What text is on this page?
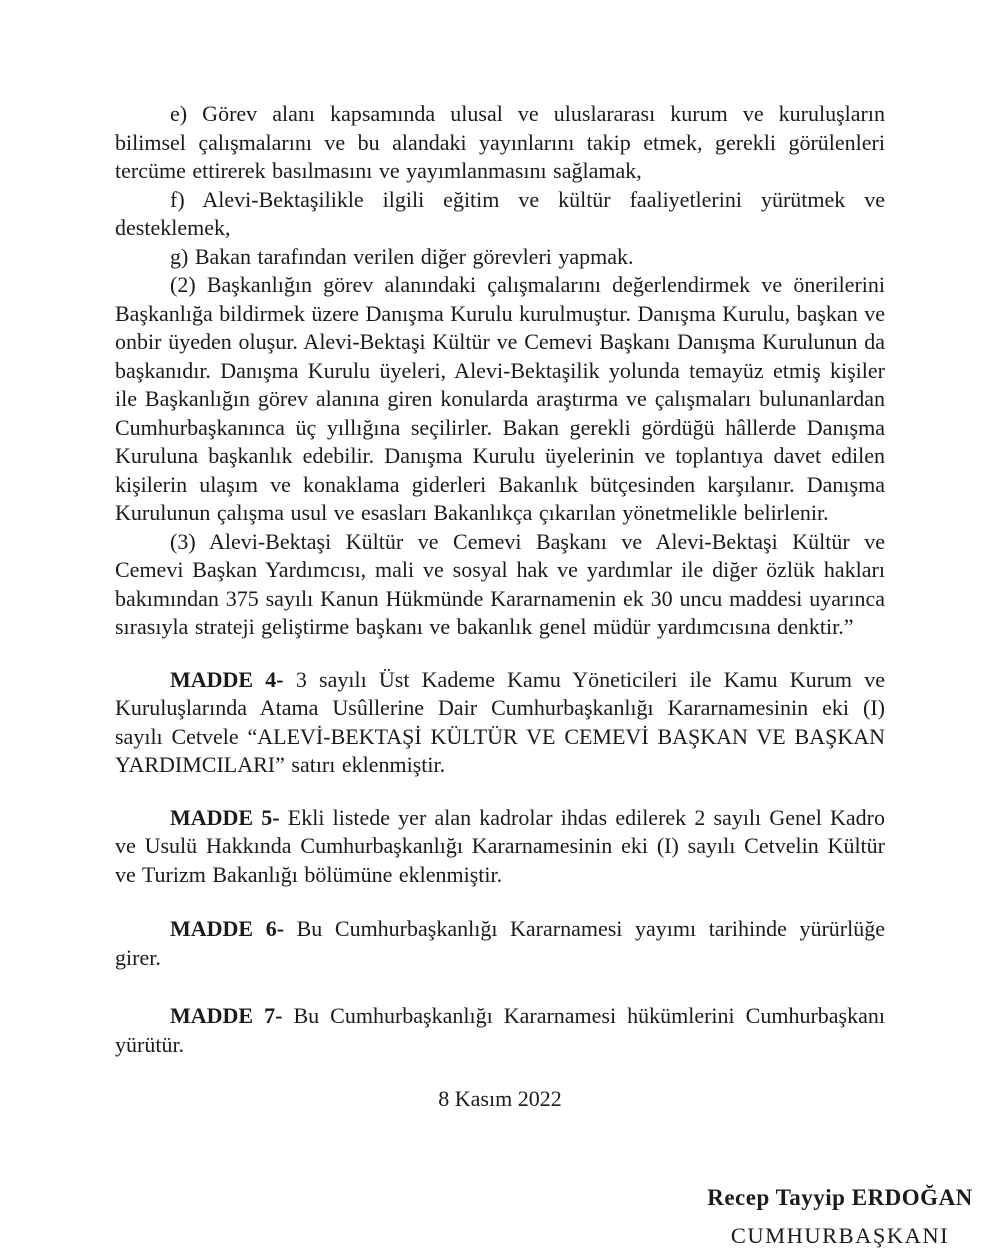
e) Görev alanı kapsamında ulusal ve uluslararası kurum ve kuruluşların bilimsel çalışmalarını ve bu alandaki yayınlarını takip etmek, gerekli görülenleri tercüme ettirerek basılmasını ve yayımlanmasını sağlamak,

f) Alevi-Bektaşilikle ilgili eğitim ve kültür faaliyetlerini yürütmek ve desteklemek,

g) Bakan tarafından verilen diğer görevleri yapmak.

(2) Başkanlığın görev alanındaki çalışmalarını değerlendirmek ve önerilerini Başkanlığa bildirmek üzere Danışma Kurulu kurulmuştur. Danışma Kurulu, başkan ve onbir üyeden oluşur. Alevi-Bektaşi Kültür ve Cemevi Başkanı Danışma Kurulunun da başkanıdır. Danışma Kurulu üyeleri, Alevi-Bektaşilik yolunda temayüz etmiş kişiler ile Başkanlığın görev alanına giren konularda araştırma ve çalışmaları bulunanlardan Cumhurbaşkanınca üç yıllığına seçilirler. Bakan gerekli gördüğü hâllerde Danışma Kuruluna başkanlık edebilir. Danışma Kurulu üyelerinin ve toplantıya davet edilen kişilerin ulaşım ve konaklama giderleri Bakanlık bütçesinden karşılanır. Danışma Kurulunun çalışma usul ve esasları Bakanlıkça çıkarılan yönetmelikle belirlenir.

(3) Alevi-Bektaşi Kültür ve Cemevi Başkanı ve Alevi-Bektaşi Kültür ve Cemevi Başkan Yardımcısı, mali ve sosyal hak ve yardımlar ile diğer özlük hakları bakımından 375 sayılı Kanun Hükmünde Kararnamenin ek 30 uncu maddesi uyarınca sırasıyla strateji geliştirme başkanı ve bakanlık genel müdür yardımcısına denktir.”

MADDE 4- 3 sayılı Üst Kademe Kamu Yöneticileri ile Kamu Kurum ve Kuruluşlarında Atama Usûllerine Dair Cumhurbaşkanlığı Kararnamesinin eki (I) sayılı Cetvele “ALEVİ-BEKTAŞİ KÜLTÜR VE CEMEVİ BAŞKAN VE BAŞKAN YARDIMCILARI” satırı eklenmiştir.

MADDE 5- Ekli listede yer alan kadrolar ihdas edilerek 2 sayılı Genel Kadro ve Usulü Hakkında Cumhurbaşkanlığı Kararnamesinin eki (I) sayılı Cetvelin Kültür ve Turizm Bakanlığı bölümüne eklenmiştir.

MADDE 6- Bu Cumhurbaşkanlığı Kararnamesi yayımı tarihinde yürürlüğe girer.

MADDE 7- Bu Cumhurbaşkanlığı Kararnamesi hükümlerini Cumhurbaşkanı yürütür.

8 Kasım 2022

Recep Tayyip ERDOĞAN

CUMHURBAŞKANI
